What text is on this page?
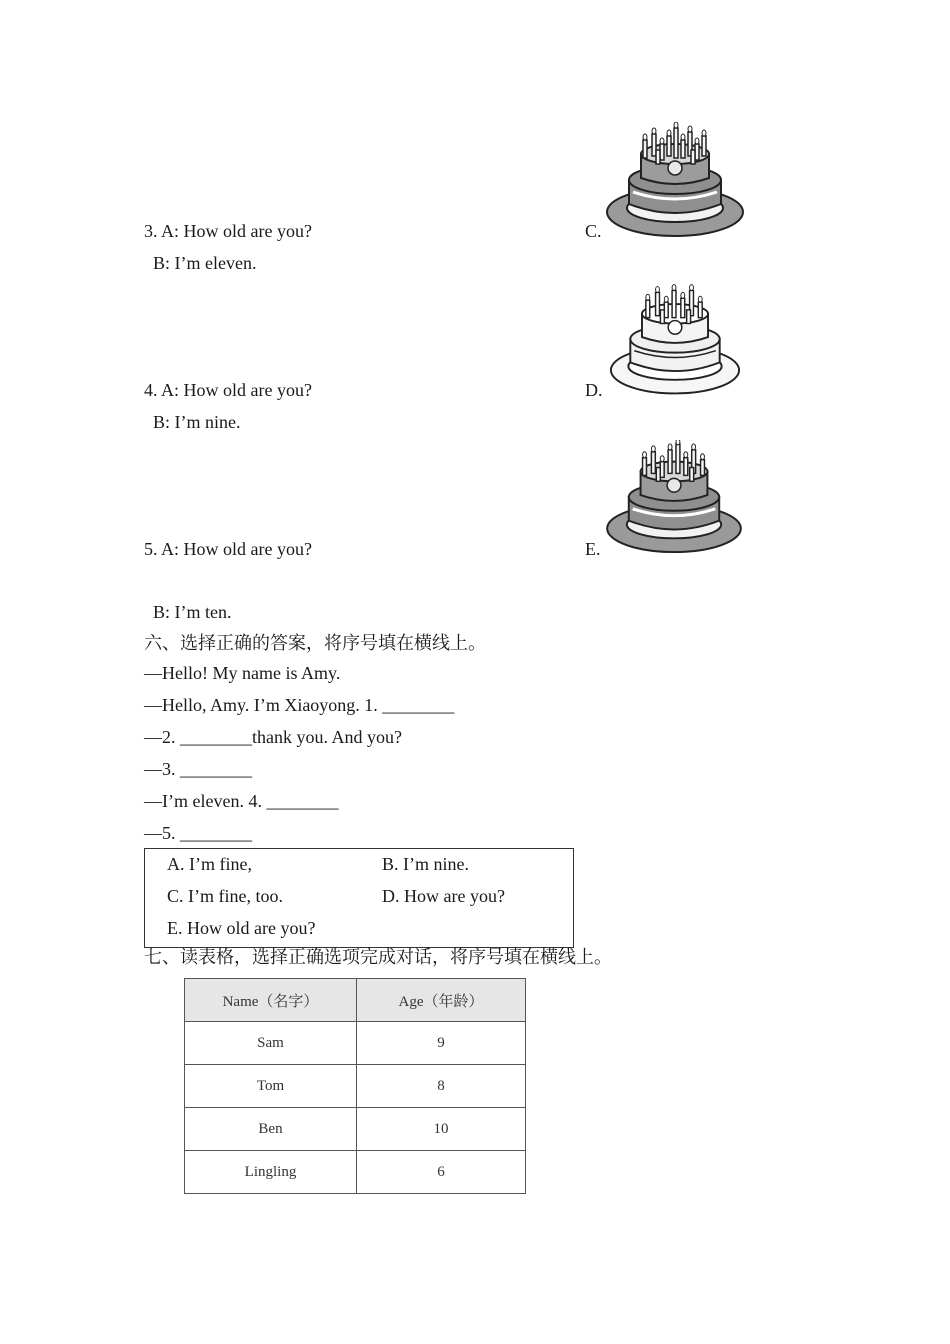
3. A: How old are you?
B: I’m eleven.
C.
4. A: How old are you?
B: I’m nine.
D.
5. A: How old are you?
B: I’m ten.
E.
六、选择正确的答案，将序号填在横线上。
—Hello! My name is Amy.
—Hello, Amy. I’m Xiaoyong. 1. ________
—2. ________thank you. And you?
—3. ________
—I’m eleven. 4. ________
—5. ________
A. I’m fine,	B. I’m nine.
C. I’m fine, too.	D. How are you?
E. How old are you?
七、读表格，选择正确选项完成对话，将序号填在横线上。
Name（名字）	Age（年龄）
Sam	9
Tom	8
Ben	10
Lingling	6
